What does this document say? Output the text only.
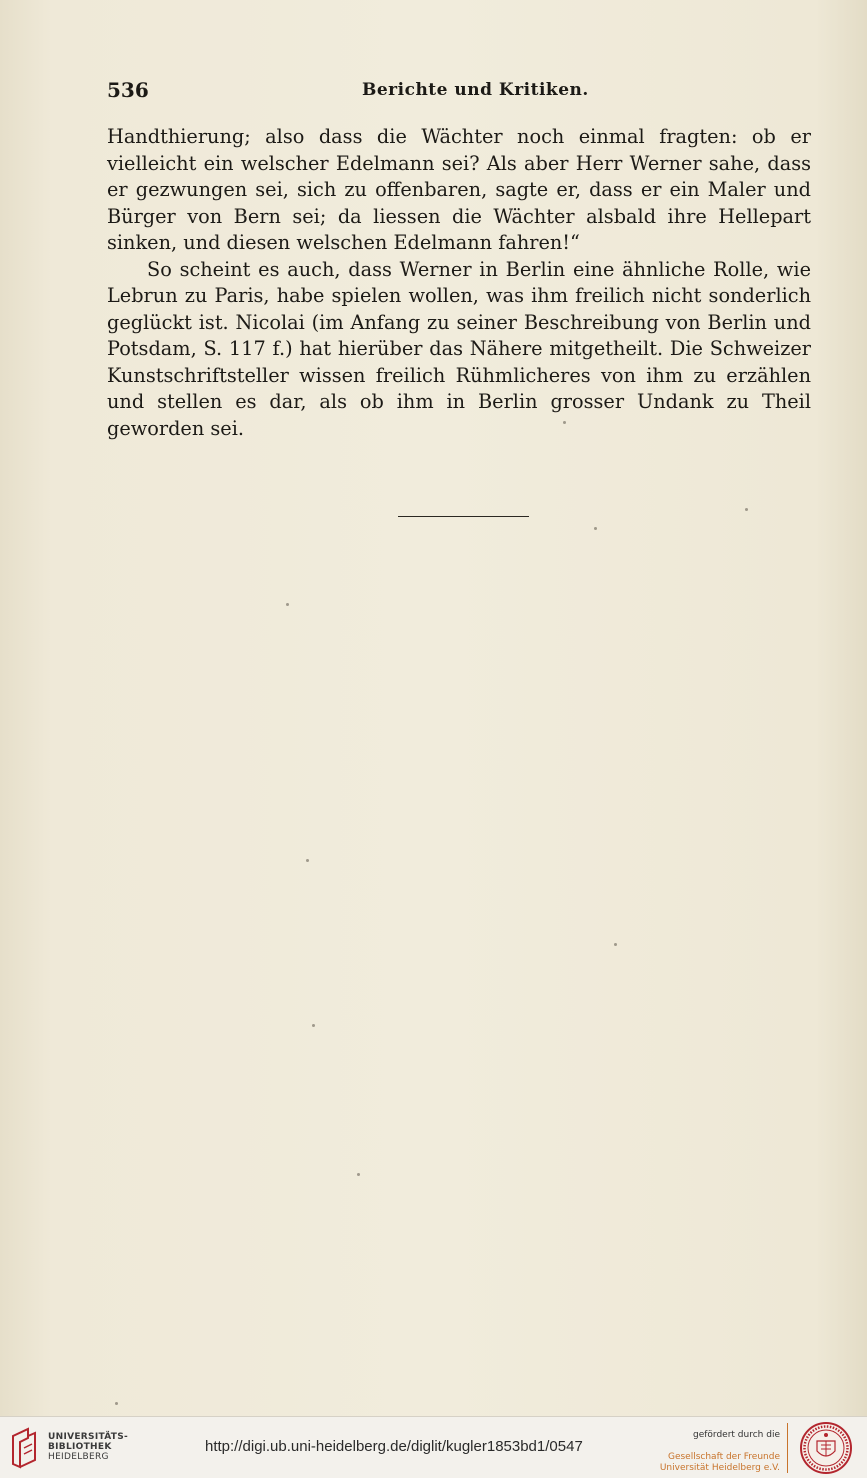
536	Berichte und Kritiken.

Handthierung; also dass die Wächter noch einmal fragten: ob er vielleicht ein welscher Edelmann sei? Als aber Herr Werner sahe, dass er gezwungen sei, sich zu offenbaren, sagte er, dass er ein Maler und Bürger von Bern sei; da liessen die Wächter alsbald ihre Hellepart sinken, und diesen welschen Edelmann fahren!“

So scheint es auch, dass Werner in Berlin eine ähnliche Rolle, wie Lebrun zu Paris, habe spielen wollen, was ihm freilich nicht sonderlich geglückt ist. Nicolai (im Anfang zu seiner Beschreibung von Berlin und Potsdam, S. 117 f.) hat hierüber das Nähere mitgetheilt. Die Schweizer Kunstschriftsteller wissen freilich Rühmlicheres von ihm zu erzählen und stellen es dar, als ob ihm in Berlin grosser Undank zu Theil geworden sei.

UNIVERSITÄTS-
BIBLIOTHEK
HEIDELBERG
http://digi.ub.uni-heidelberg.de/diglit/kugler1853bd1/0547
gefördert durch die
Gesellschaft der Freunde
Universität Heidelberg e.V.
